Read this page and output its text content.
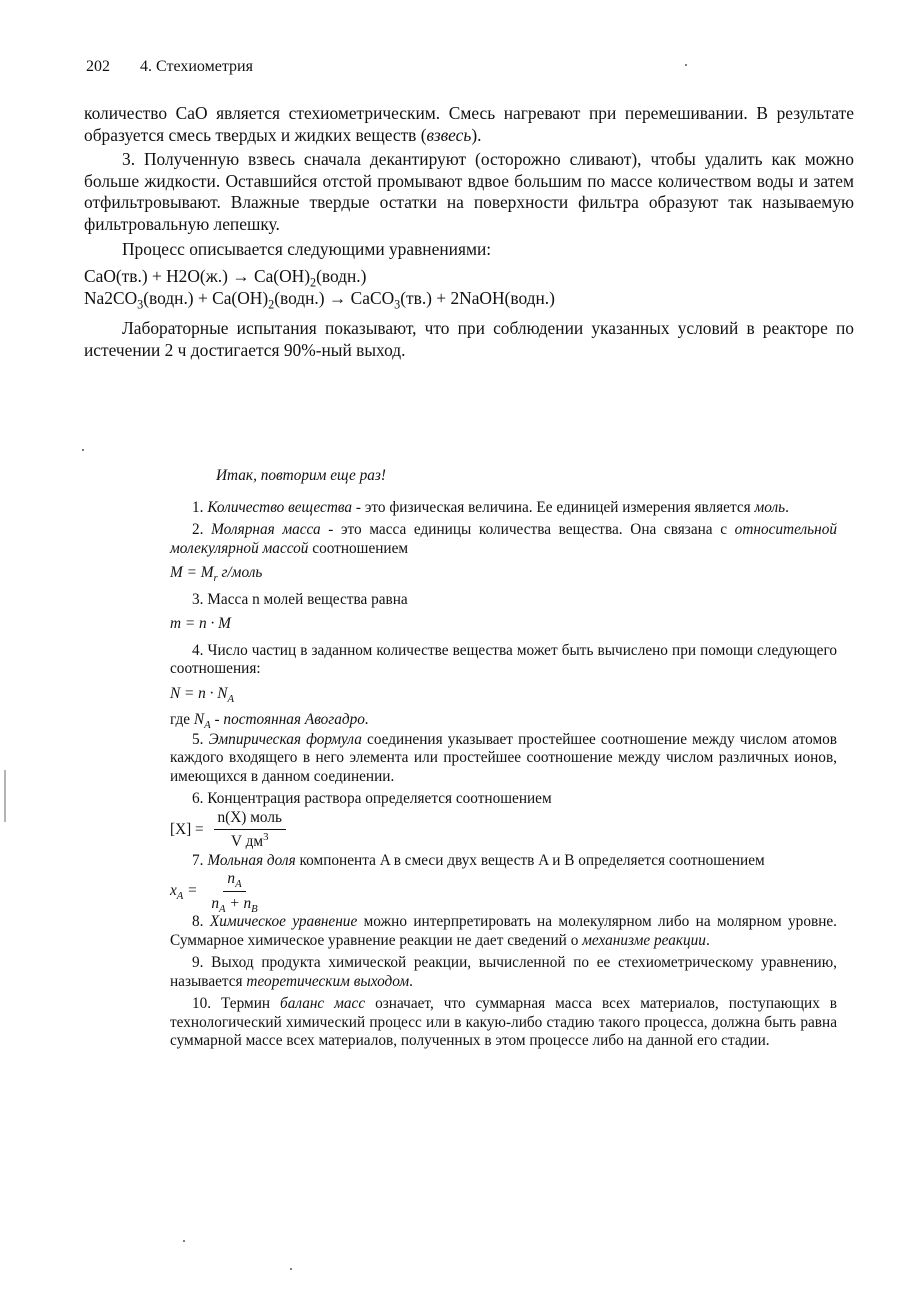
202 4. Стехиометрия

количество CaO является стехиометрическим. Смесь нагревают при перемешивании. В результате образуется смесь твердых и жидких веществ (взвесь).

3. Полученную взвесь сначала декантируют (осторожно сливают), чтобы удалить как можно больше жидкости. Оставшийся отстой промывают вдвое большим по массе количеством воды и затем отфильтровывают. Влажные твердые остатки на поверхности фильтра образуют так называемую фильтровальную лепешку.

Процесс описывается следующими уравнениями:

$CaO(тв.) + H2O(ж.) \to Ca(OH)_2(водн.)$

$Na2CO_3(водн.)$ + $Ca(OH)_2(водн.)$ → CaCO$_3$(тв.) + 2NaOH(водн.)

Лабораторные испытания показывают, что при соблюдении указанных условий в реакторе по истечении 2 ч достигается 90%-ный выход.

Итак, повторим еще раз!

1. Количество вещества - это физическая величина. Ее единицей измерения является моль.

2. Молярная масса - это масса единицы количества вещества. Она связана с относительной молекулярной массой соотношением

$M = M_r$ г/моль

3. Масса n молей вещества равна

m = n · M

4. Число частиц в заданном количестве вещества может быть вычислено при помощи следующего соотношения:

$N = n \cdot N_A$

где $N_A$ - постоянная Авогадро.

5. Эмпирическая формула соединения указывает простейшее соотношение между числом атомов каждого входящего в него элемента или простейшее соотношение между числом различных ионов, имеющихся в данном соединении.

6. Концентрация раствора определяется соотношением

$[X] = \frac{\text{n(X) моль}}{V дм^3}$

7. Мольная доля компонента A в смеси двух веществ A и B определяется соотношением

$x_A = \frac{n_A}{n_A + n_B}$

8. Химическое уравнение можно интерпретировать на молекулярном либо на молярном уровне. Суммарное химическое уравнение реакции не дает сведений о механизме реакции.

9. Выход продукта химической реакции, вычисленной по ее стехиометрическому уравнению, называется теоретическим выходом.

10. Термин баланс масс означает, что суммарная масса всех материалов, поступающих в технологический химический процесс или в какую-либо стадию такого процесса, должна быть равна суммарной массе всех материалов, полученных в этом процессе либо на данной его стадии.
